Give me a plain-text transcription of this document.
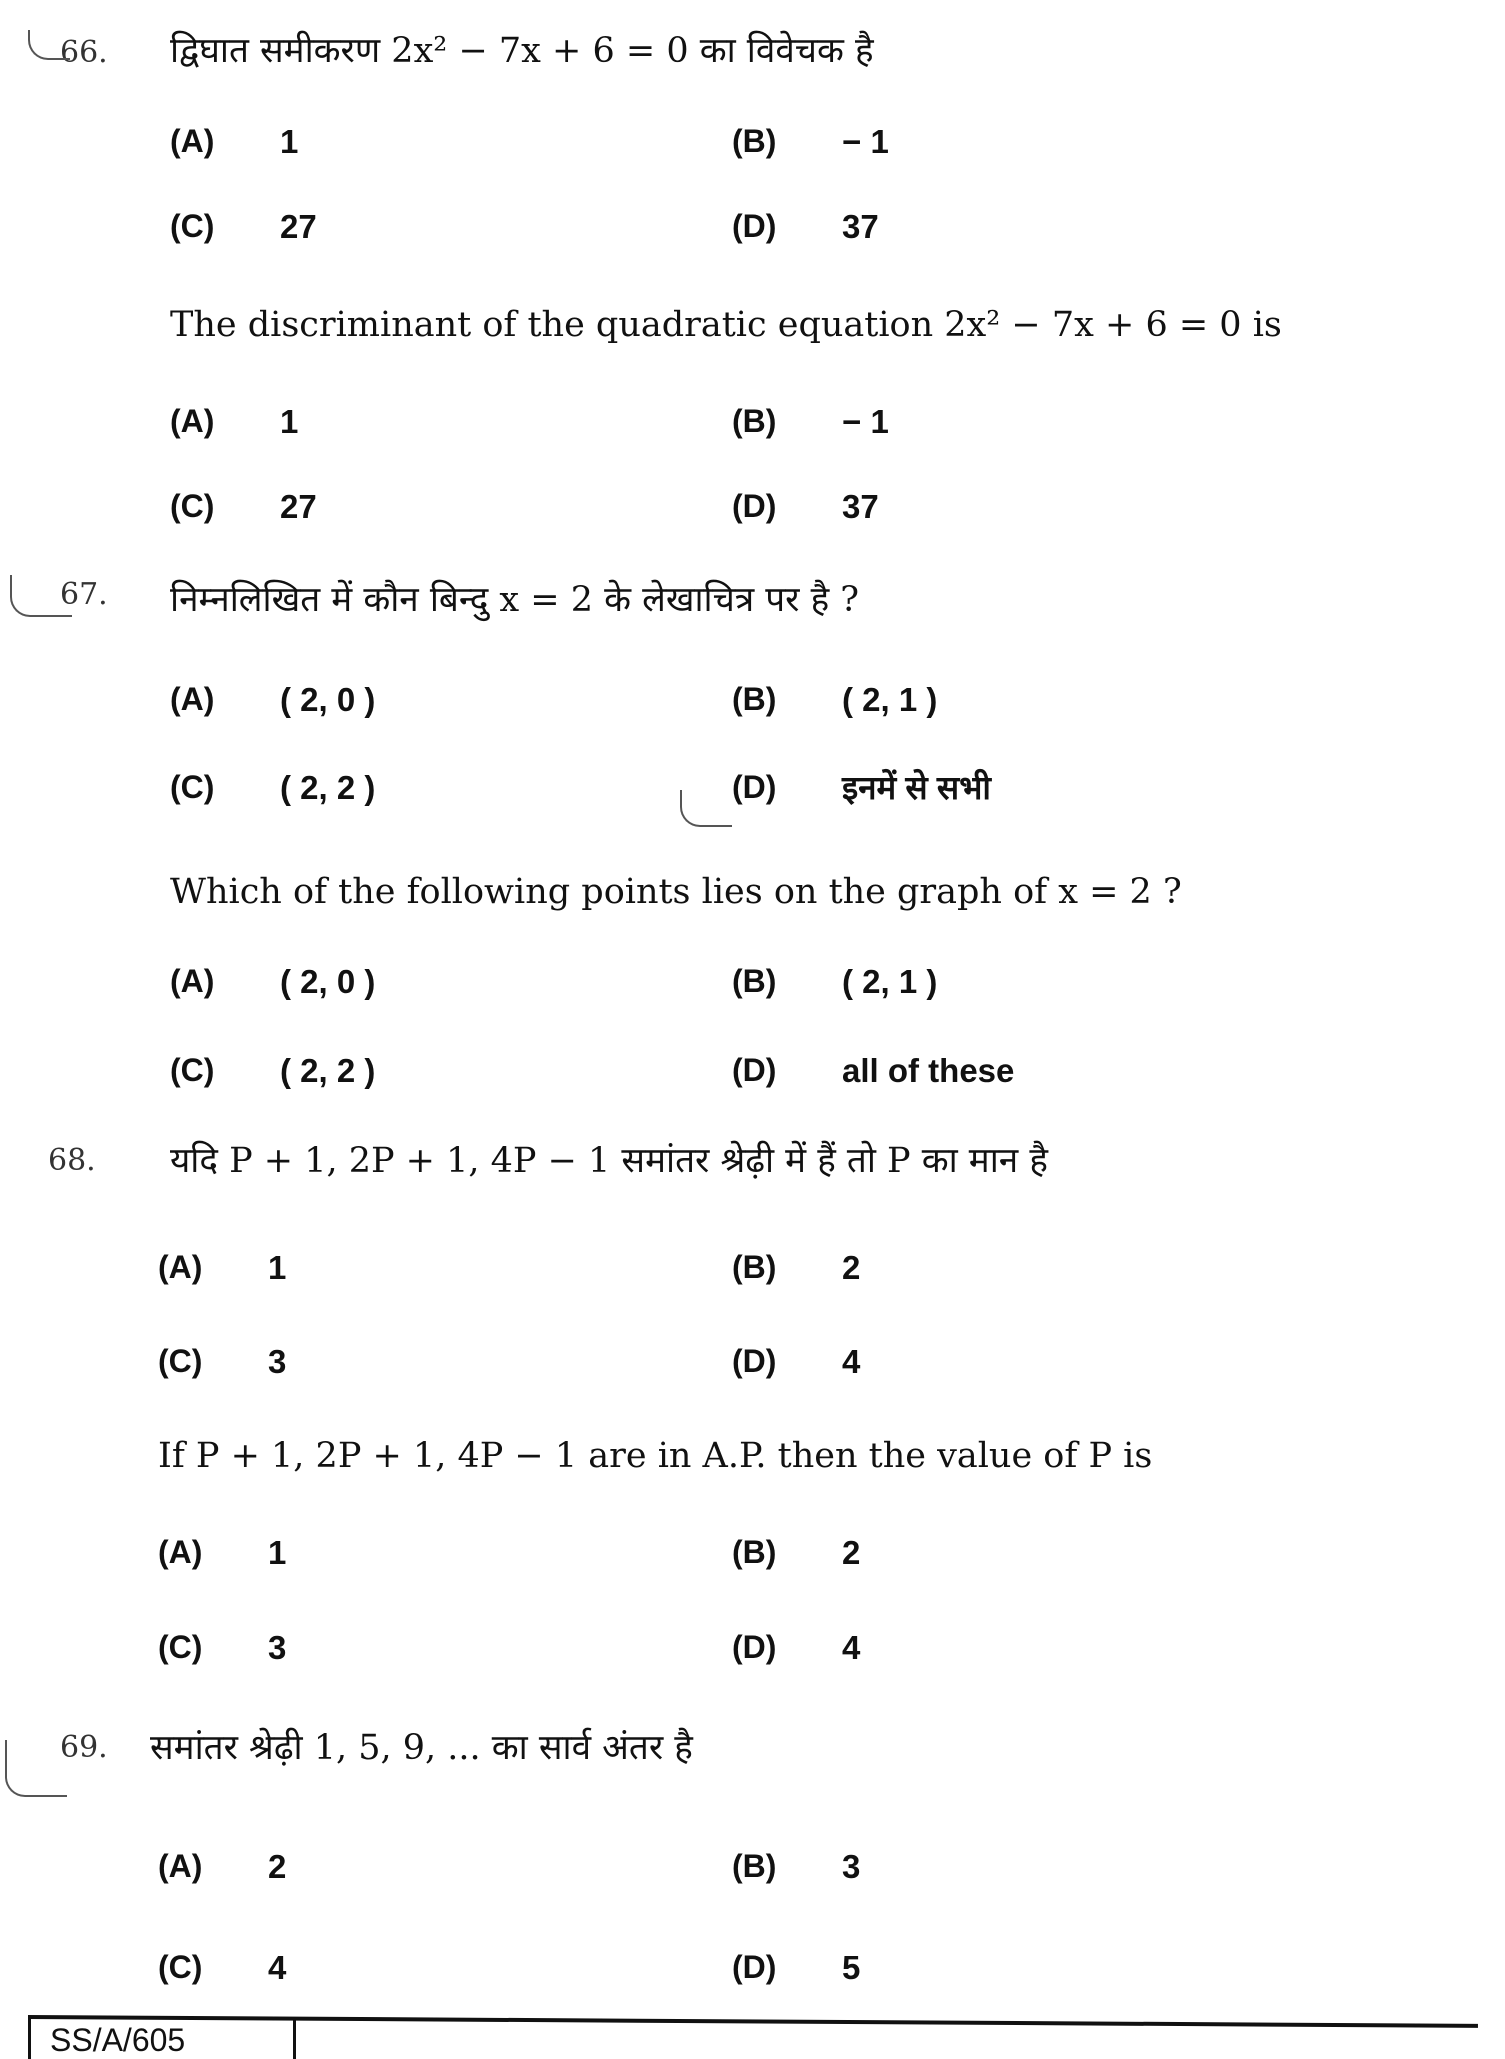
66.
67.
68.
69.
द्विघात समीकरण 2x² − 7x + 6 = 0 का विवेचक है
(A) 1	(B) − 1
(C) 27	(D) 37
The discriminant of the quadratic equation 2x² − 7x + 6 = 0 is
(A) 1	(B) − 1
(C) 27	(D) 37
निम्नलिखित में कौन बिन्दु x = 2 के लेखाचित्र पर है ?
(A) ( 2, 0 )	(B) ( 2, 1 )
(C) ( 2, 2 )	(D) इनमें से सभी
Which of the following points lies on the graph of x = 2 ?
(A) ( 2, 0 )	(B) ( 2, 1 )
(C) ( 2, 2 )	(D) all of these
यदि P + 1, 2P + 1, 4P − 1 समांतर श्रेढ़ी में हैं तो P का मान है
(A) 1	(B) 2
(C) 3	(D) 4
If P + 1, 2P + 1, 4P − 1 are in A.P. then the value of P is
(A) 1	(B) 2
(C) 3	(D) 4
समांतर श्रेढ़ी 1, 5, 9, ... का सार्व अंतर है
(A) 2	(B) 3
(C) 4	(D) 5
SS/A/605
